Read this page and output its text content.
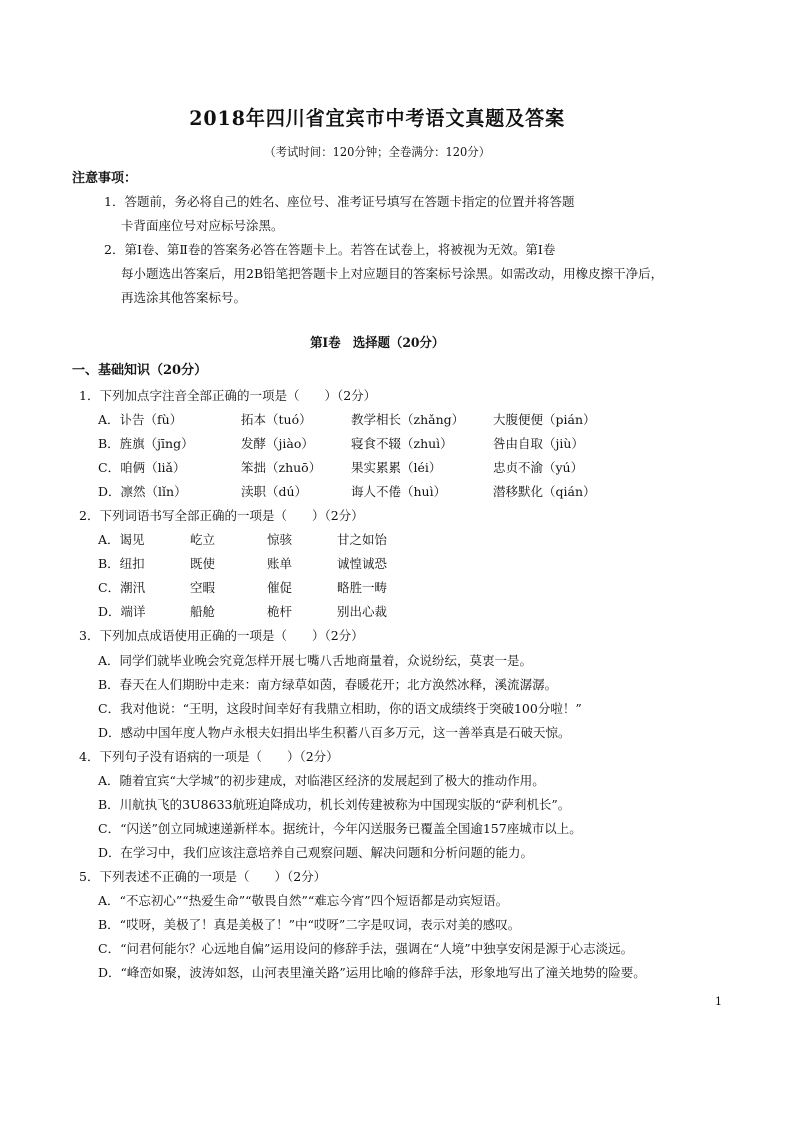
2018年四川省宜宾市中考语文真题及答案
（考试时间：120分钟；全卷满分：120分）
注意事项：
1．答题前，务必将自己的姓名、座位号、准考证号填写在答题卡指定的位置并将答题
卡背面座位号对应标号涂黑。
2．第Ⅰ卷、第Ⅱ卷的答案务必答在答题卡上。若答在试卷上，将被视为无效。第Ⅰ卷
每小题选出答案后，用2B铅笔把答题卡上对应题目的答案标号涂黑。如需改动，用橡皮擦干净后，
再选涂其他答案标号。
第Ⅰ卷　选择题（20分）
一、基础知识（20分）
1．下列加点字注音全部正确的一项是（　　）（2分）
A．讣告（fù）	拓本（tuó）	教学相长（zhǎng） 大腹便便（pián）
B．旌旗（jīng）	发酵（jiào）	寝食不辍（zhuì）	咎由自取（jiù）
C．咱俩（liǎ）	笨拙（zhuō） 果实累累（léi）	忠贞不渝（yú）
D．凛然（lǐn）	渎职（dú）	诲人不倦（huì）	潜移默化（qián）
2．下列词语书写全部正确的一项是（　　）（2分）
A．谒见	屹立	惊骇	甘之如饴
B．纽扣	既使	账单	诚惶诚恐
C．潮汛	空暇	催促	略胜一畴
D．端详	船舱	桅杆	别出心裁
3．下列加点成语使用正确的一项是（　　）（2分）
A．同学们就毕业晚会究竟怎样开展七嘴八舌地商量着，众说纷纭，莫衷一是。
B．春天在人们期盼中走来：南方绿草如茵，春暖花开；北方涣然冰释，溪流潺潺。
C．我对他说：“王明，这段时间幸好有我鼎立相助，你的语文成绩终于突破100分啦！”
D．感动中国年度人物卢永根夫妇捐出毕生积蓄八百多万元，这一善举真是石破天惊。
4．下列句子没有语病的一项是（　　）（2分）
A．随着宜宾“大学城”的初步建成，对临港区经济的发展起到了极大的推动作用。
B．川航执飞的3U8633航班迫降成功，机长刘传建被称为中国现实版的“萨利机长”。
C．“闪送”创立同城速递新样本。据统计，今年闪送服务已覆盖全国逾157座城市以上。
D．在学习中，我们应该注意培养自己观察问题、解决问题和分析问题的能力。
5．下列表述不正确的一项是（　　）（2分）
A．“不忘初心”“热爱生命”“敬畏自然”“难忘今宵”四个短语都是动宾短语。
B．“哎呀，美极了！真是美极了！”中“哎呀”二字是叹词，表示对美的感叹。
C．“问君何能尔？心远地自偏”运用设问的修辞手法，强调在“人境”中独享安闲是源于心志淡远。
D．“峰峦如聚，波涛如怒，山河表里潼关路”运用比喻的修辞手法，形象地写出了潼关地势的险要。
1
